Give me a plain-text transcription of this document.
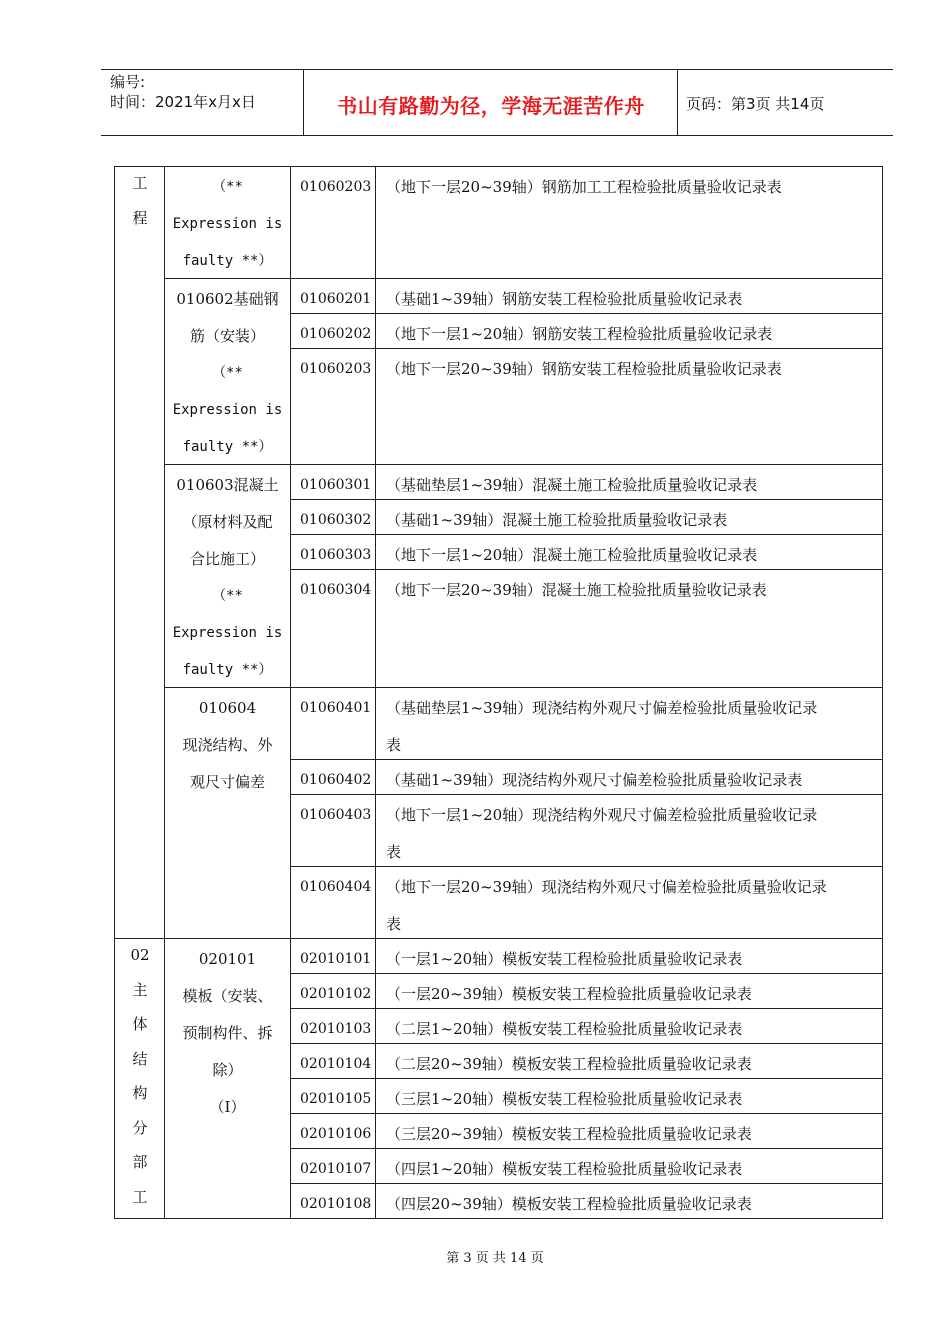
编号:
时间：2021年x月x日	书山有路勤为径，学海无涯苦作舟	页码：第3页 共14页
（**
Expression is
faulty **）
01060203 （地下一层20~39轴）钢筋加工工程检验批质量验收记录表
010602基础钢
筋（安装）
（**
Expression is
faulty **）
01060201 （基础1~39轴）钢筋安装工程检验批质量验收记录表
01060202 （地下一层1~20轴）钢筋安装工程检验批质量验收记录表
01060203 （地下一层20~39轴）钢筋安装工程检验批质量验收记录表
010603混凝土
（原材料及配
合比施工）
（**
Expression is
faulty **）
01060301 （基础垫层1~39轴）混凝土施工检验批质量验收记录表
01060302 （基础1~39轴）混凝土施工检验批质量验收记录表
01060303 （地下一层1~20轴）混凝土施工检验批质量验收记录表
01060304 （地下一层20~39轴）混凝土施工检验批质量验收记录表
010604
现浇结构、外
观尺寸偏差
01060401 （基础垫层1~39轴）现浇结构外观尺寸偏差检验批质量验收记录
表
01060402 （基础1~39轴）现浇结构外观尺寸偏差检验批质量验收记录表
01060403 （地下一层1~20轴）现浇结构外观尺寸偏差检验批质量验收记录
表
01060404 （地下一层20~39轴）现浇结构外观尺寸偏差检验批质量验收记录
表
020101
模板（安装、
预制构件、拆
除）
（Ⅰ）
02010101 （一层1~20轴）模板安装工程检验批质量验收记录表
02010102 （一层20~39轴）模板安装工程检验批质量验收记录表
02010103 （二层1~20轴）模板安装工程检验批质量验收记录表
02010104 （二层20~39轴）模板安装工程检验批质量验收记录表
02010105 （三层1~20轴）模板安装工程检验批质量验收记录表
02010106 （三层20~39轴）模板安装工程检验批质量验收记录表
02010107 （四层1~20轴）模板安装工程检验批质量验收记录表
02010108 （四层20~39轴）模板安装工程检验批质量验收记录表
工
程
02
主
体
结
构
分
部
工
第 3 页 共 14 页
